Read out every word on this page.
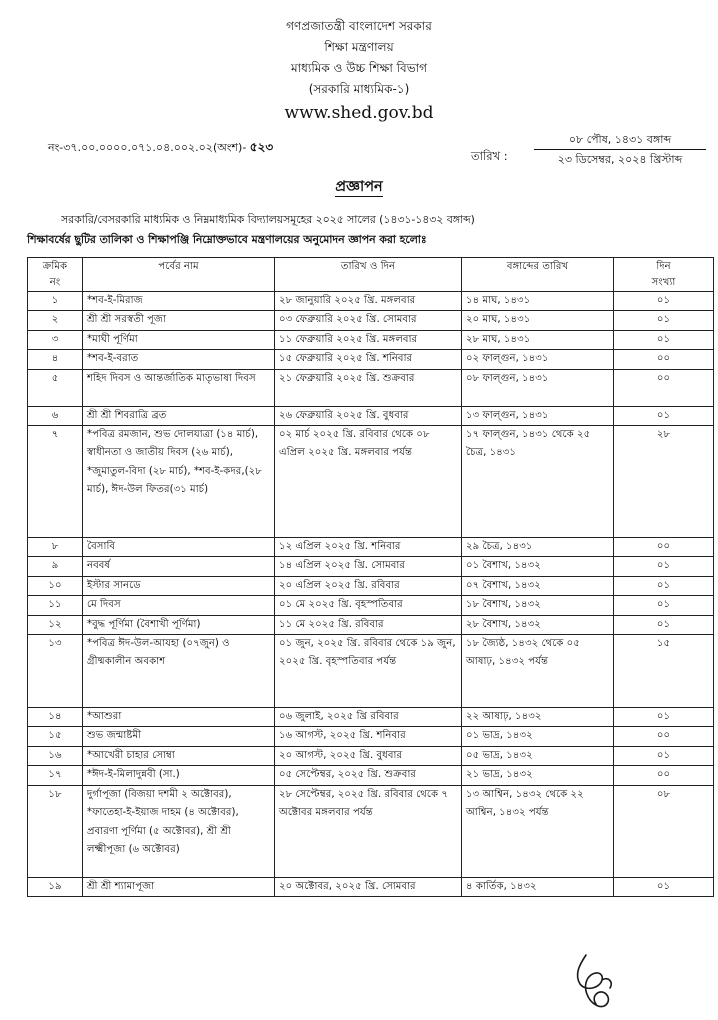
গণপ্রজাতন্ত্রী বাংলাদেশ সরকার
শিক্ষা মন্ত্রণালয়
মাধ্যমিক ও উচ্চ শিক্ষা বিভাগ
(সরকারি মাধ্যমিক-১)
www.shed.gov.bd
নং-৩৭.০০.০০০০.০৭১.০৪.০০২.০২(অংশ)- ৫২৩
তারিখ :
০৮ পৌষ, ১৪৩১ বঙ্গাব্দ
২৩ ডিসেম্বর, ২০২৪ খ্রিস্টাব্দ
প্রজ্ঞাপন
সরকারি/বেসরকারি মাধ্যমিক ও নিম্নমাধ্যমিক বিদ্যালয়সমূহের ২০২৫ সালের (১৪৩১-১৪৩২ বঙ্গাব্দ)
শিক্ষাবর্ষের ছুটির তালিকা ও শিক্ষাপঞ্জি নিম্নোক্তভাবে মন্ত্রণালয়ের অনুমোদন জ্ঞাপন করা হলোঃ
ক্রমিক
নং	পর্বের নাম	তারিখ ও দিন	বঙ্গাব্দের তারিখ	দিন
সংখ্যা
১	*শব-ই-মিরাজ	২৮ জানুয়ারি ২০২৫ খ্রি. মঙ্গলবার	১৪ মাঘ, ১৪৩১	০১
২	শ্রী শ্রী সরস্বতী পূজা	০৩ ফেব্রুয়ারি ২০২৫ খ্রি. সোমবার	২০ মাঘ, ১৪৩১	০১
৩	*মাঘী পূর্ণিমা	১১ ফেব্রুয়ারি ২০২৫ খ্রি. মঙ্গলবার	২৮ মাঘ, ১৪৩১	০১
৪	*শব-ই-বরাত	১৫ ফেব্রুয়ারি ২০২৫ খ্রি. শনিবার	০২ ফাল্গুন, ১৪৩১	০০
৫	শহিদ দিবস ও আন্তর্জাতিক মাতৃভাষা দিবস	২১ ফেব্রুয়ারি ২০২৫ খ্রি. শুক্রবার	০৮ ফাল্গুন, ১৪৩১	০০
৬	শ্রী শ্রী শিবরাত্রি ব্রত	২৬ ফেব্রুয়ারি ২০২৫ খ্রি. বুধবার	১৩ ফাল্গুন, ১৪৩১	০১
৭	*পবিত্র রমজান, শুভ দোলযাত্রা (১৪ মার্চ), স্বাধীনতা ও জাতীয় দিবস (২৬ মার্চ), *জুমাতুল-বিদা (২৮ মার্চ), *শব-ই-কদর,(২৮ মার্চ), ঈদ-উল ফিতর(৩১ মার্চ)	০২ মার্চ ২০২৫ খ্রি. রবিবার থেকে ০৮ এপ্রিল ২০২৫ খ্রি. মঙ্গলবার পর্যন্ত	১৭ ফাল্গুন, ১৪৩১ থেকে ২৫ চৈত্র, ১৪৩১	২৮
৮	বৈসাবি	১২ এপ্রিল ২০২৫ খ্রি. শনিবার	২৯ চৈত্র, ১৪৩১	০০
৯	নববর্ষ	১৪ এপ্রিল ২০২৫ খ্রি. সোমবার	০১ বৈশাখ, ১৪৩২	০১
১০	ইস্টার সানডে	২০ এপ্রিল ২০২৫ খ্রি. রবিবার	০৭ বৈশাখ, ১৪৩২	০১
১১	মে দিবস	০১ মে ২০২৫ খ্রি. বৃহস্পতিবার	১৮ বৈশাখ, ১৪৩২	০১
১২	*বুদ্ধ পূর্ণিমা (বৈশাখী পূর্ণিমা)	১১ মে ২০২৫ খ্রি. রবিবার	২৮ বৈশাখ, ১৪৩২	০১
১৩	*পবিত্র ঈদ-উল-আযহা (০৭জুন) ও গ্রীষ্মকালীন অবকাশ	০১ জুন, ২০২৫ খ্রি. রবিবার থেকে ১৯ জুন, ২০২৫ খ্রি. বৃহস্পতিবার পর্যন্ত	১৮ জ্যৈষ্ঠ, ১৪৩২ থেকে ০৫ আষাঢ়, ১৪৩২ পর্যন্ত	১৫
১৪	*আশুরা	০৬ জুলাই, ২০২৫ খ্রি রবিবার	২২ আষাঢ়, ১৪৩২	০১
১৫	শুভ জন্মাষ্টমী	১৬ আগস্ট, ২০২৫ খ্রি. শনিবার	০১ ভাদ্র, ১৪৩২	০০
১৬	*আখেরী চাহার সোম্বা	২০ আগস্ট, ২০২৫ খ্রি. বুধবার	০৫ ভাদ্র, ১৪৩২	০১
১৭	*ঈদ-ই-মিলাদুন্নবী (সা.)	০৫ সেপ্টেম্বর, ২০২৫ খ্রি. শুক্রবার	২১ ভাদ্র, ১৪৩২	০০
১৮	দুর্গাপূজা (বিজয়া দশমী ২ অক্টোবর), *ফাতেহা-ই-ইয়াজ দাহম (৪ অক্টোবর), প্রবারণা পূর্ণিমা (৫ অক্টোবর), শ্রী শ্রী লক্ষ্মীপূজা (৬ অক্টোবর)	২৮ সেপ্টেম্বর, ২০২৫ খ্রি. রবিবার থেকে ৭ অক্টোবর মঙ্গলবার পর্যন্ত	১৩ আশ্বিন, ১৪৩২ থেকে ২২ আশ্বিন, ১৪৩২ পর্যন্ত	০৮
১৯	শ্রী শ্রী শ্যামাপূজা	২০ অক্টোবর, ২০২৫ খ্রি. সোমবার	৪ কার্তিক, ১৪৩২	০১
